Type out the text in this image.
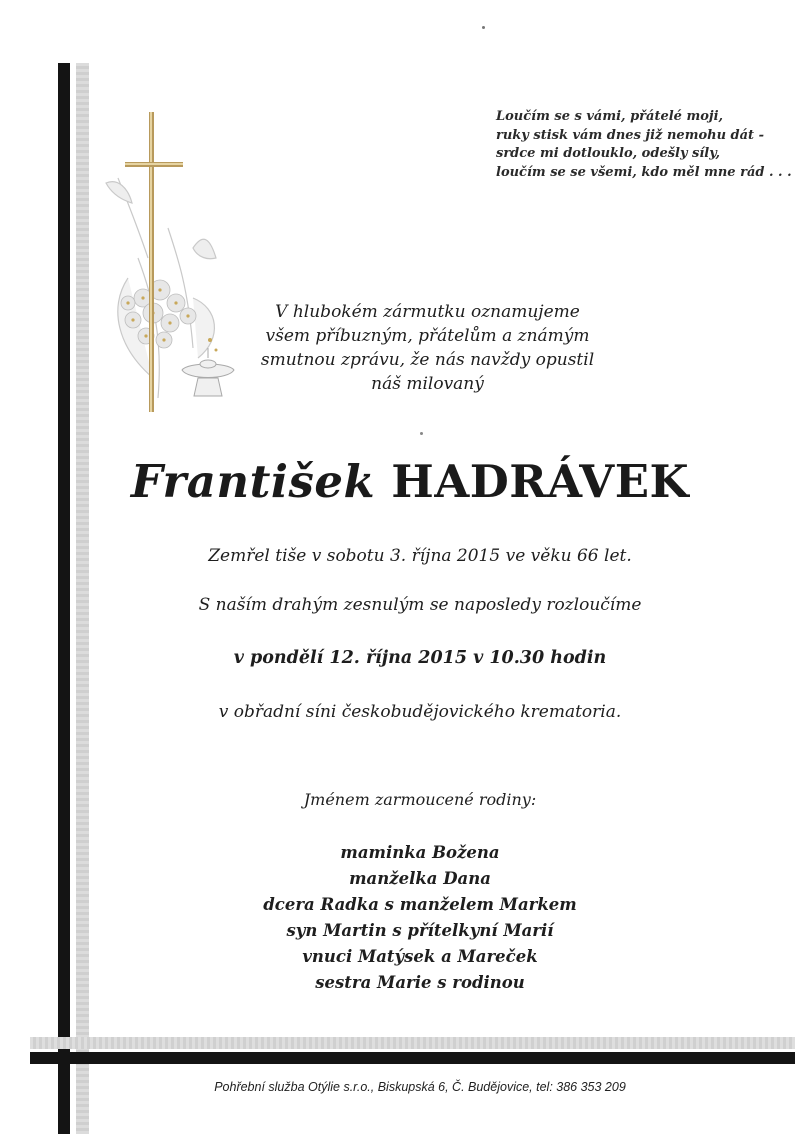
Loučím se s vámi, přátelé moji,
ruky stisk vám dnes již nemohu dát -
srdce mi dotlouklo, odešly síly,
loučím se se všemi, kdo měl mne rád . . .
V hlubokém zármutku oznamujeme
všem příbuzným, přátelům a známým
smutnou zprávu, že nás navždy opustil
náš milovaný
František HADRÁVEK
Zemřel tiše v sobotu 3. října 2015 ve věku 66 let.
S naším drahým zesnulým se naposledy rozloučíme
v pondělí 12. října 2015 v 10.30 hodin
v obřadní síni českobudějovického krematoria.
Jménem zarmoucené rodiny:
maminka Božena
manželka Dana
dcera Radka s manželem Markem
syn Martin s přítelkyní Marií
vnuci Matýsek a Mareček
sestra Marie s rodinou
Pohřební služba Otýlie s.r.o., Biskupská 6, Č. Budějovice, tel: 386 353 209
